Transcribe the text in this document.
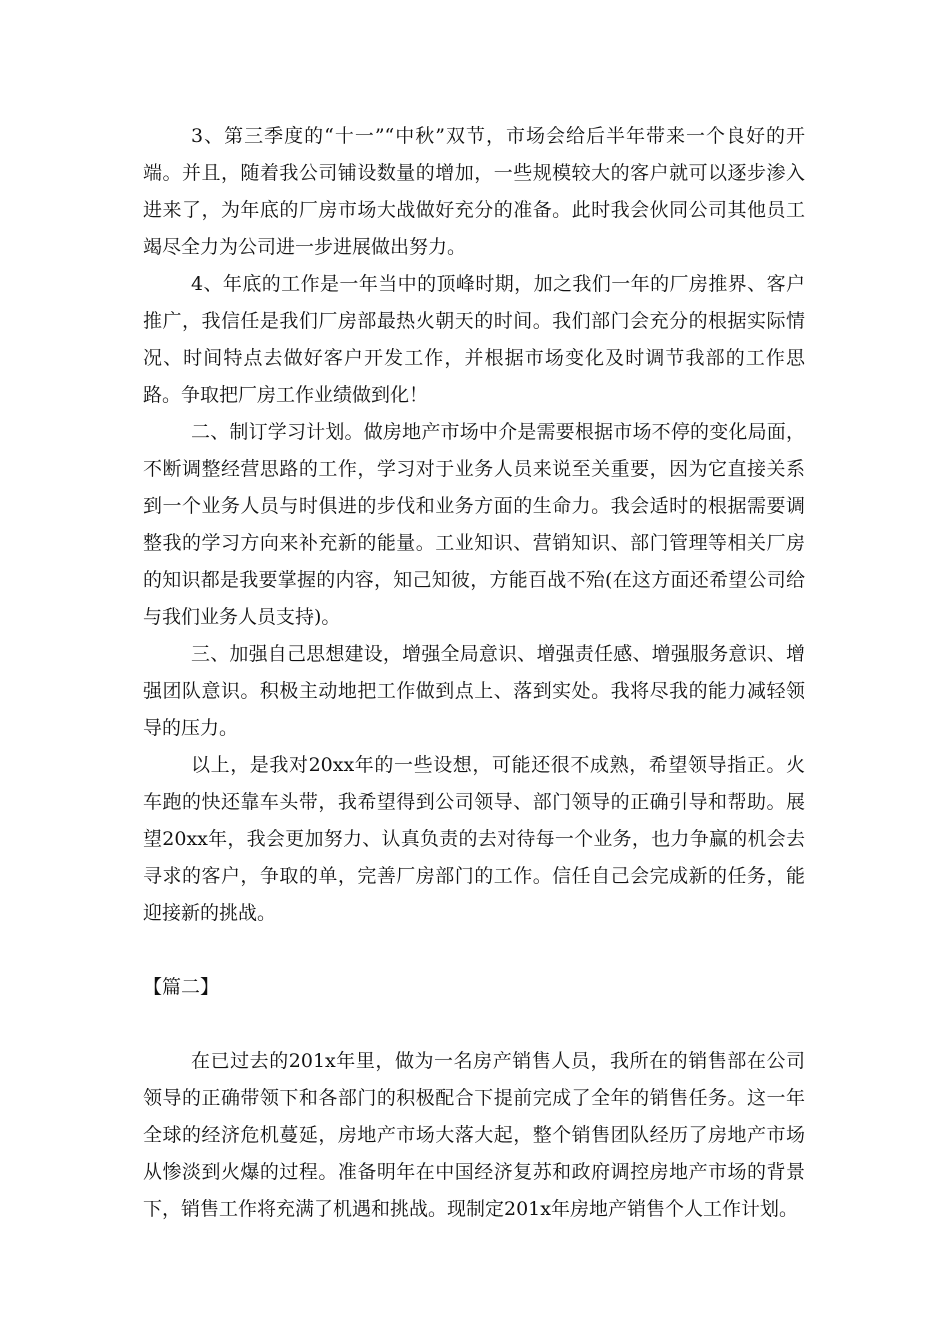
3、第三季度的“十一”“中秋”双节，市场会给后半年带来一个良好的开端。并且，随着我公司铺设数量的增加，一些规模较大的客户就可以逐步渗入进来了，为年底的厂房市场大战做好充分的准备。此时我会伙同公司其他员工竭尽全力为公司进一步进展做出努力。

4、年底的工作是一年当中的顶峰时期，加之我们一年的厂房推界、客户推广，我信任是我们厂房部最热火朝天的时间。我们部门会充分的根据实际情况、时间特点去做好客户开发工作，并根据市场变化及时调节我部的工作思路。争取把厂房工作业绩做到化！

二、制订学习计划。做房地产市场中介是需要根据市场不停的变化局面，不断调整经营思路的工作，学习对于业务人员来说至关重要，因为它直接关系到一个业务人员与时俱进的步伐和业务方面的生命力。我会适时的根据需要调整我的学习方向来补充新的能量。工业知识、营销知识、部门管理等相关厂房的知识都是我要掌握的内容，知己知彼，方能百战不殆(在这方面还希望公司给与我们业务人员支持)。

三、加强自己思想建设，增强全局意识、增强责任感、增强服务意识、增强团队意识。积极主动地把工作做到点上、落到实处。我将尽我的能力减轻领导的压力。

以上，是我对20xx年的一些设想，可能还很不成熟，希望领导指正。火车跑的快还靠车头带，我希望得到公司领导、部门领导的正确引导和帮助。展望20xx年，我会更加努力、认真负责的去对待每一个业务，也力争赢的机会去寻求的客户，争取的单，完善厂房部门的工作。信任自己会完成新的任务，能迎接新的挑战。

【篇二】

在已过去的201x年里，做为一名房产销售人员，我所在的销售部在公司领导的正确带领下和各部门的积极配合下提前完成了全年的销售任务。这一年全球的经济危机蔓延，房地产市场大落大起，整个销售团队经历了房地产市场从惨淡到火爆的过程。准备明年在中国经济复苏和政府调控房地产市场的背景下，销售工作将充满了机遇和挑战。现制定201x年房地产销售个人工作计划。
